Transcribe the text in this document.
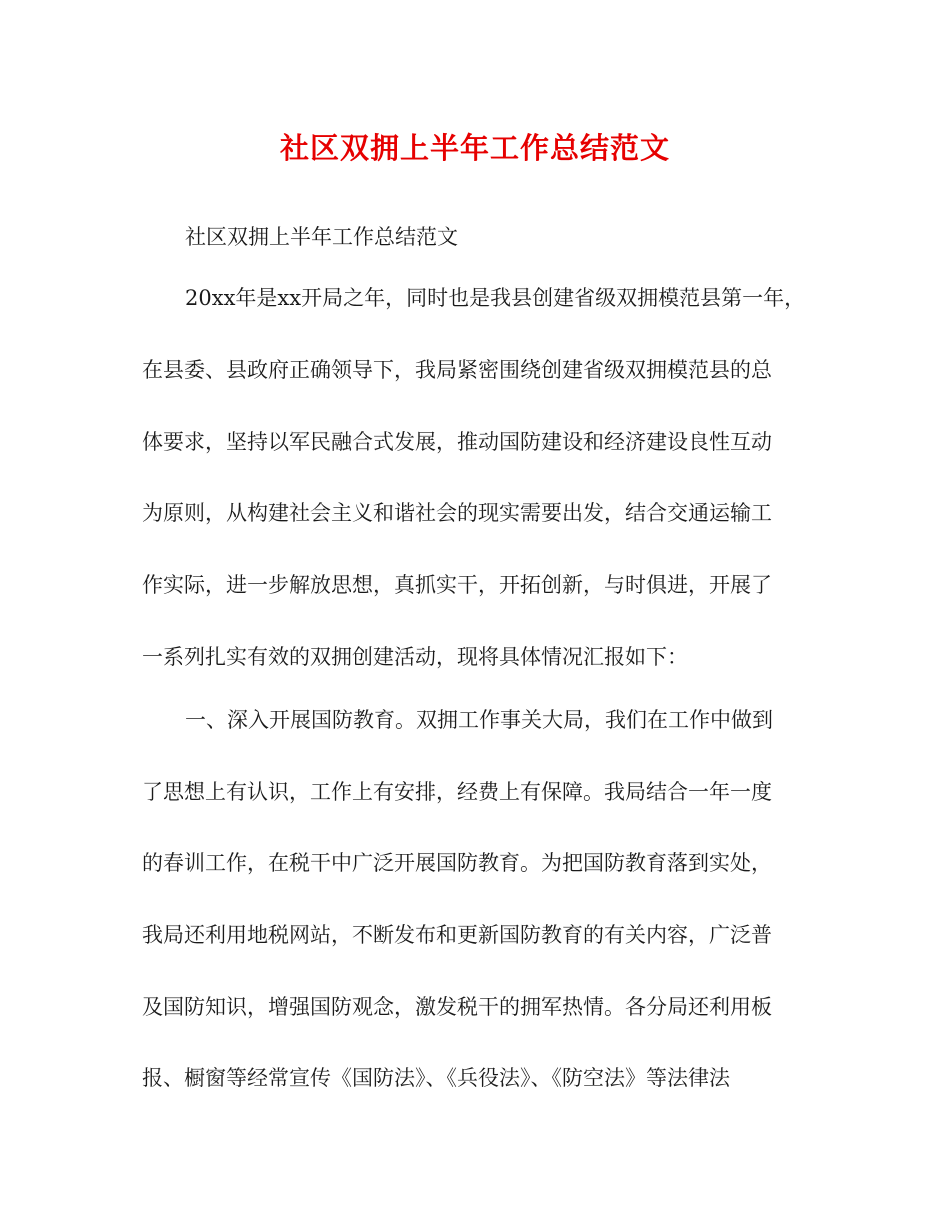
社区双拥上半年工作总结范文
社区双拥上半年工作总结范文
20xx年是xx开局之年，同时也是我县创建省级双拥模范县第一年，
在县委、县政府正确领导下，我局紧密围绕创建省级双拥模范县的总
体要求，坚持以军民融合式发展，推动国防建设和经济建设良性互动
为原则，从构建社会主义和谐社会的现实需要出发，结合交通运输工
作实际，进一步解放思想，真抓实干，开拓创新，与时俱进，开展了
一系列扎实有效的双拥创建活动，现将具体情况汇报如下：
一、深入开展国防教育。双拥工作事关大局，我们在工作中做到
了思想上有认识，工作上有安排，经费上有保障。我局结合一年一度
的春训工作，在税干中广泛开展国防教育。为把国防教育落到实处，
我局还利用地税网站，不断发布和更新国防教育的有关内容，广泛普
及国防知识，增强国防观念，激发税干的拥军热情。各分局还利用板
报、橱窗等经常宣传《国防法》、《兵役法》、《防空法》等法律法
